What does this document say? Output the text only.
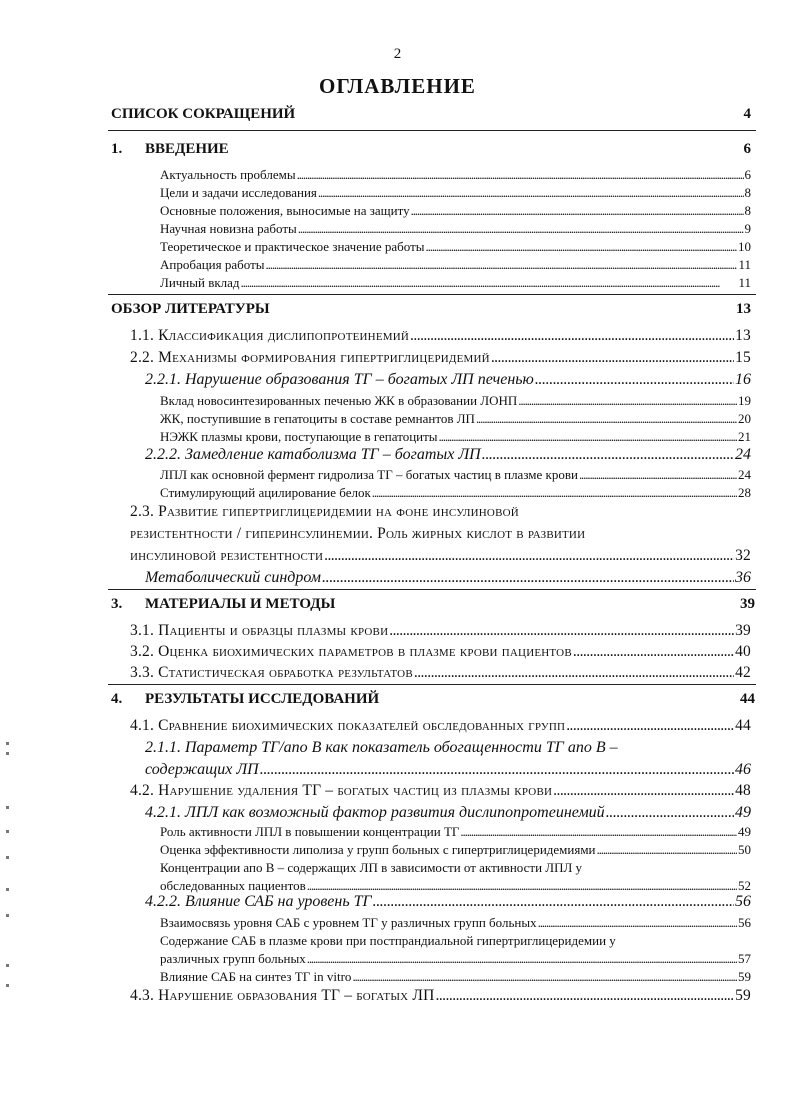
2
ОГЛАВЛЕНИЕ
СПИСОК СОКРАЩЕНИЙ	4
1.	ВВЕДЕНИЕ	6
Актуальность проблемы . . .	6
Цели и задачи исследования . . .	8
Основные положения, выносимые на защиту . . .	8
Научная новизна работы . . .	9
Теоретическое и практическое значение работы . . .	10
Апробация работы . . .	11
Личный вклад . . .	11
ОБЗОР ЛИТЕРАТУРЫ	13
1.1. Классификация дислипопротеинемий . . .	13
2.2. Механизмы формирования гипертриглицеридемий . . .	15
2.2.1. Нарушение образования ТГ – богатых ЛП печенью . . .	16
Вклад новосинтезированных печенью ЖК в образовании ЛОНП . . .	19
ЖК, поступившие в гепатоциты в составе ремнантов ЛП . . .	20
НЭЖК плазмы крови, поступающие в гепатоциты . . .	21
2.2.2. Замедление катаболизма ТГ – богатых ЛП . . .	24
ЛПЛ как основной фермент гидролиза ТГ – богатых частиц в плазме крови . . .	24
Стимулирующий ацилирование белок . . .	28
2.3. Развитие гипертриглицеридемии на фоне инсулиновой
резистентности / гиперинсулинемии. Роль жирных кислот в развитии
инсулиновой резистентности . . .	32
Метаболический синдром . . .	36
3.	МАТЕРИАЛЫ И МЕТОДЫ	39
3.1. Пациенты и образцы плазмы крови . . .	39
3.2. Оценка биохимических параметров в плазме крови пациентов . . .	40
3.3. Статистическая обработка результатов . . .	42
4.	РЕЗУЛЬТАТЫ ИССЛЕДОВАНИЙ	44
4.1. Сравнение биохимических показателей обследованных групп . . .	44
2.1.1. Параметр ТГ/апо В как показатель обогащенности ТГ апо В –
содержащих ЛП . . .	46
4.2. Нарушение удаления ТГ – богатых частиц из плазмы крови . . .	48
4.2.1. ЛПЛ как возможный фактор развития дислипопротеинемий . . .	49
Роль активности ЛПЛ в повышении концентрации ТГ . . .	49
Оценка эффективности липолиза у групп больных с гипертриглицеридемиями . . .	50
Концентрации апо В – содержащих ЛП в зависимости от активности ЛПЛ у
обследованных пациентов . . .	52
4.2.2. Влияние САБ на уровень ТГ . . .	56
Взаимосвязь уровня САБ с уровнем ТГ у различных групп больных . . .	56
Содержание САБ в плазме крови при постпрандиальной гипертриглицеридемии у
различных групп больных . . .	57
Влияние САБ на синтез ТГ in vitro . . .	59
4.3. Нарушение образования ТГ – богатых ЛП . . .	59
